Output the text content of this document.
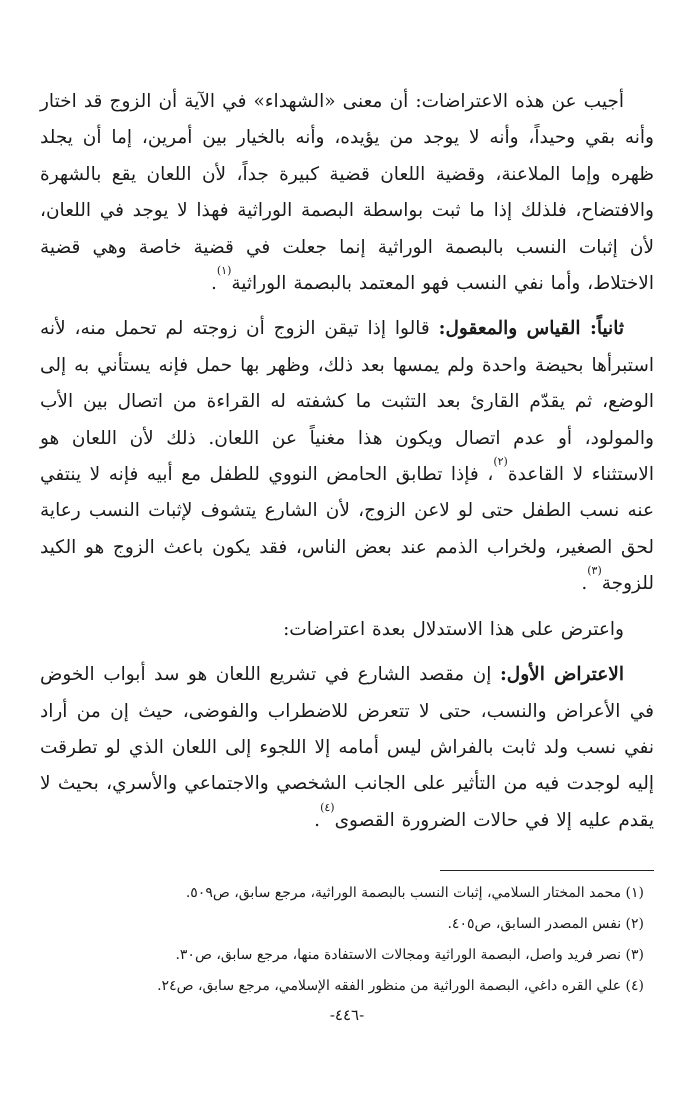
أجيب عن هذه الاعتراضات: أن معنى «الشهداء» في الآية أن الزوج قد اختار وأنه بقي وحيداً، وأنه لا يوجد من يؤيده، وأنه بالخيار بين أمرين، إما أن يجلد ظهره وإما الملاعنة، وقضية اللعان قضية كبيرة جداً، لأن اللعان يقع بالشهرة والافتضاح، فلذلك إذا ما ثبت بواسطة البصمة الوراثية فهذا لا يوجد في اللعان، لأن إثبات النسب بالبصمة الوراثية إنما جعلت في قضية خاصة وهي قضية الاختلاط، وأما نفي النسب فهو المعتمد بالبصمة الوراثية$^{(١)}$.

ثانياً: القياس والمعقول: قالوا إذا تيقن الزوج أن زوجته لم تحمل منه، لأنه استبرأها بحيضة واحدة ولم يمسها بعد ذلك، وظهر بها حمل فإنه يستأني به إلى الوضع، ثم يقدّم القارئ بعد التثبت ما كشفته له القراءة من اتصال بين الأب والمولود، أو عدم اتصال ويكون هذا مغنياً عن اللعان. ذلك لأن اللعان هو الاستثناء لا القاعدة$^{(٢)}$، فإذا تطابق الحامض النووي للطفل مع أبيه فإنه لا ينتفي عنه نسب الطفل حتى لو لاعن الزوج، لأن الشارع يتشوف لإثبات النسب رعاية لحق الصغير، ولخراب الذمم عند بعض الناس، فقد يكون باعث الزوج هو الكيد للزوجة$^{(٣)}$.

واعترض على هذا الاستدلال بعدة اعتراضات:

الاعتراض الأول: إن مقصد الشارع في تشريع اللعان هو سد أبواب الخوض في الأعراض والنسب، حتى لا تتعرض للاضطراب والفوضى، حيث إن من أراد نفي نسب ولد ثابت بالفراش ليس أمامه إلا اللجوء إلى اللعان الذي لو تطرقت إليه لوجدت فيه من التأثير على الجانب الشخصي والاجتماعي والأسري، بحيث لا يقدم عليه إلا في حالات الضرورة القصوى$^{(٤)}$.

(١) محمد المختار السلامي، إثبات النسب بالبصمة الوراثية، مرجع سابق، ص٥٠٩.

(٢) نفس المصدر السابق، ص٤٠٥.

(٣) نصر فريد واصل، البصمة الوراثية ومجالات الاستفادة منها، مرجع سابق، ص٣٠.

(٤) علي القره داغي، البصمة الوراثية من منظور الفقه الإسلامي، مرجع سابق، ص٢٤.

-٤٤٦-
